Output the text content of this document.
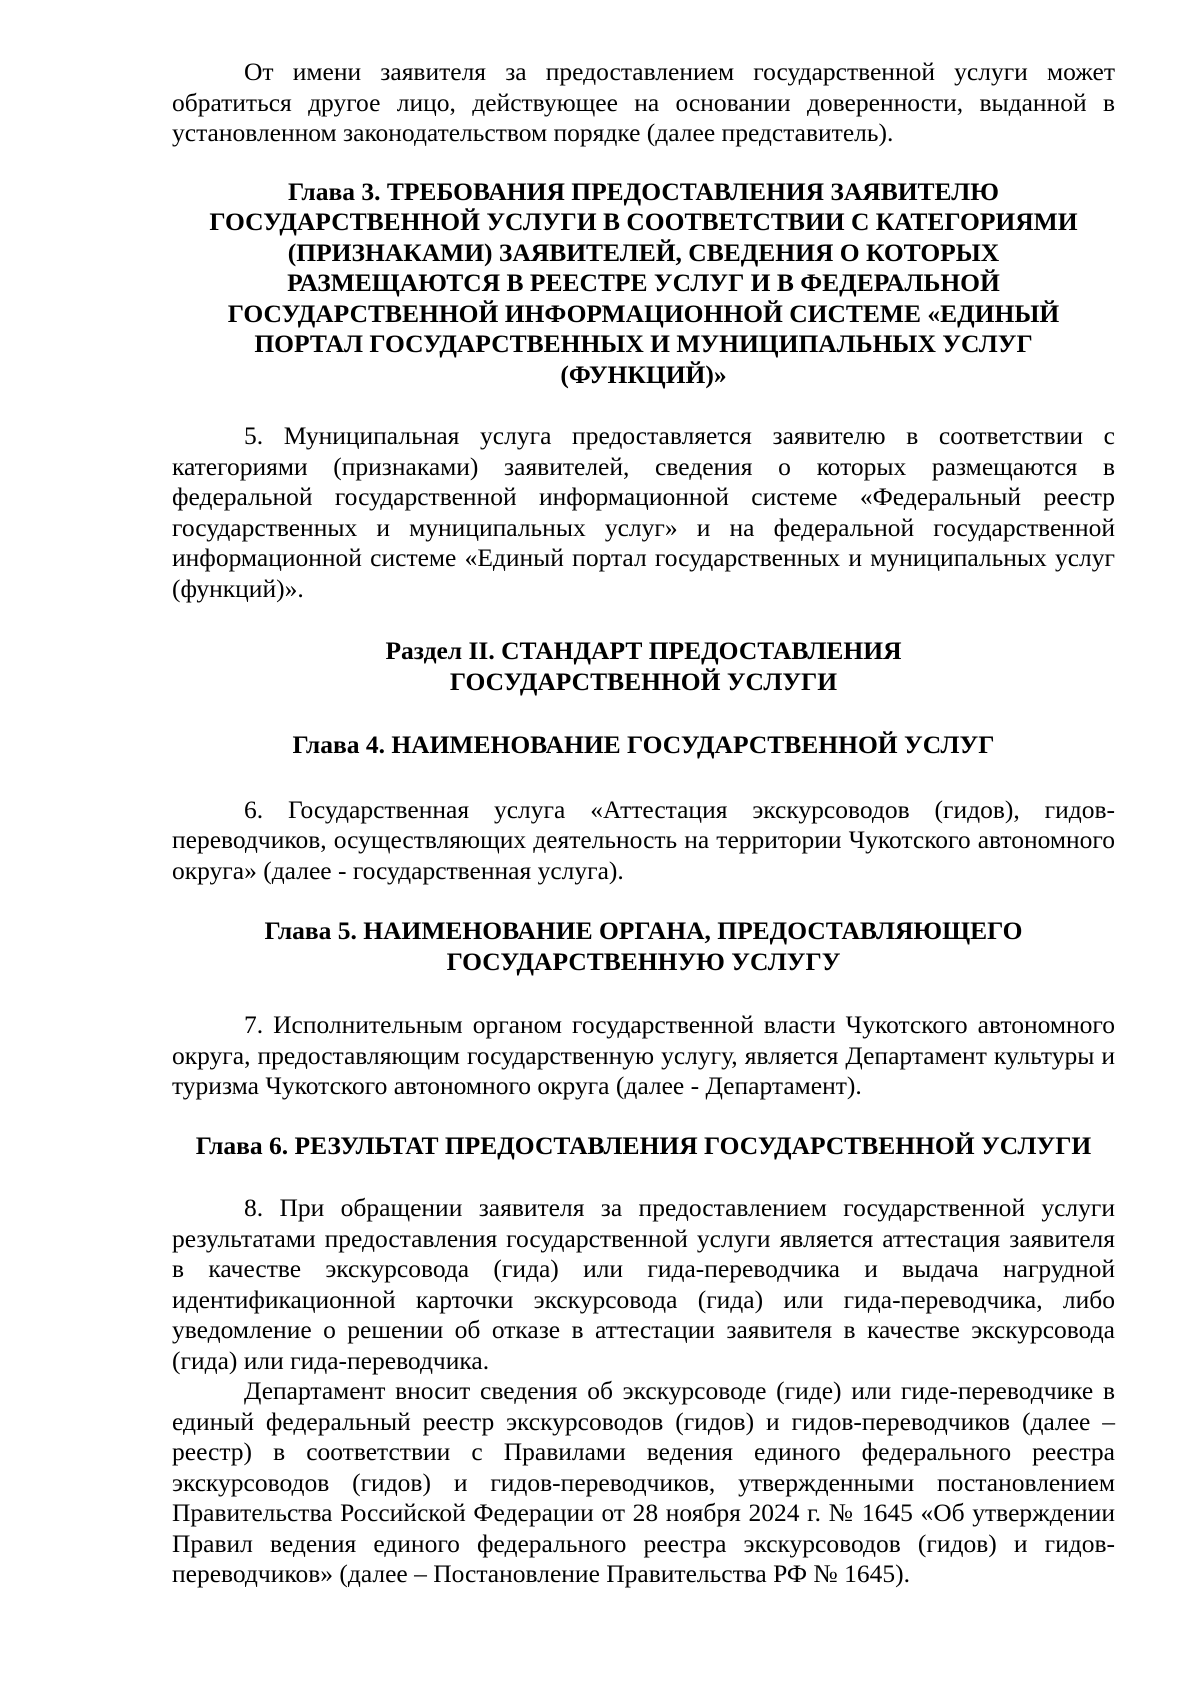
От имени заявителя за предоставлением государственной услуги может обратиться другое лицо, действующее на основании доверенности, выданной в установленном законодательством порядке (далее представитель).

Глава 3. ТРЕБОВАНИЯ ПРЕДОСТАВЛЕНИЯ ЗАЯВИТЕЛЮ
ГОСУДАРСТВЕННОЙ УСЛУГИ В СООТВЕТСТВИИ С КАТЕГОРИЯМИ
(ПРИЗНАКАМИ) ЗАЯВИТЕЛЕЙ, СВЕДЕНИЯ О КОТОРЫХ
РАЗМЕЩАЮТСЯ В РЕЕСТРЕ УСЛУГ И В ФЕДЕРАЛЬНОЙ
ГОСУДАРСТВЕННОЙ ИНФОРМАЦИОННОЙ СИСТЕМЕ «ЕДИНЫЙ
ПОРТАЛ ГОСУДАРСТВЕННЫХ И МУНИЦИПАЛЬНЫХ УСЛУГ
(ФУНКЦИЙ)»

5. Муниципальная услуга предоставляется заявителю в соответствии с категориями (признаками) заявителей, сведения о которых размещаются в федеральной государственной информационной системе «Федеральный реестр государственных и муниципальных услуг» и на федеральной государственной информационной системе «Единый портал государственных и муниципальных услуг (функций)».

Раздел II. СТАНДАРТ ПРЕДОСТАВЛЕНИЯ
ГОСУДАРСТВЕННОЙ УСЛУГИ
Глава 4. НАИМЕНОВАНИЕ ГОСУДАРСТВЕННОЙ УСЛУГ

6. Государственная услуга «Аттестация экскурсоводов (гидов), гидов-переводчиков, осуществляющих деятельность на территории Чукотского автономного округа» (далее - государственная услуга).

Глава 5. НАИМЕНОВАНИЕ ОРГАНА, ПРЕДОСТАВЛЯЮЩЕГО
ГОСУДАРСТВЕННУЮ УСЛУГУ

7. Исполнительным органом государственной власти Чукотского автономного округа, предоставляющим государственную услугу, является Департамент культуры и туризма Чукотского автономного округа (далее - Департамент).

Глава 6. РЕЗУЛЬТАТ ПРЕДОСТАВЛЕНИЯ ГОСУДАРСТВЕННОЙ УСЛУГИ

8. При обращении заявителя за предоставлением государственной услуги результатами предоставления государственной услуги является аттестация заявителя в качестве экскурсовода (гида) или гида-переводчика и выдача нагрудной идентификационной карточки экскурсовода (гида) или гида-переводчика, либо уведомление о решении об отказе в аттестации заявителя в качестве экскурсовода (гида) или гида-переводчика.

Департамент вносит сведения об экскурсоводе (гиде) или гиде-переводчике в единый федеральный реестр экскурсоводов (гидов) и гидов-переводчиков (далее – реестр) в соответствии с Правилами ведения единого федерального реестра экскурсоводов (гидов) и гидов-переводчиков, утвержденными постановлением Правительства Российской Федерации от 28 ноября 2024 г. № 1645 «Об утверждении Правил ведения единого федерального реестра экскурсоводов (гидов) и гидов-переводчиков» (далее – Постановление Правительства РФ № 1645).
